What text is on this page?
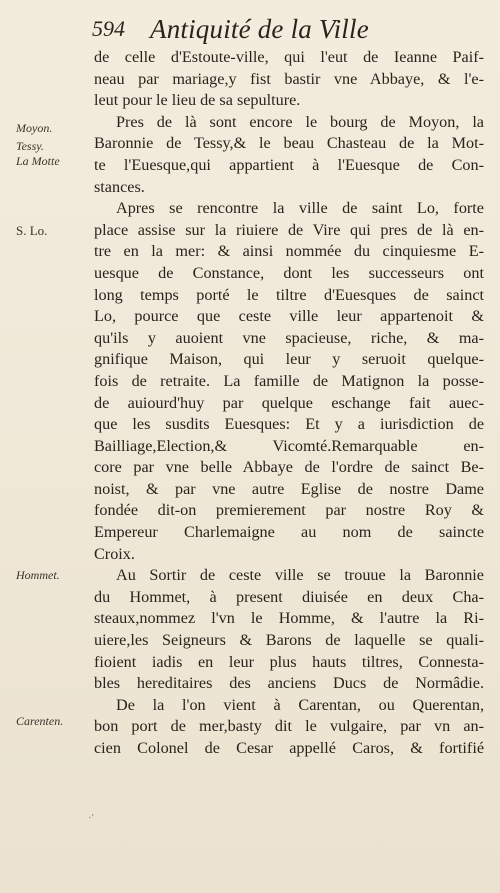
594 Antiquité de la Ville
Moyon.
Tessy.
La Motte
S. Lo.
Hommet.
Carenten.
de celle d'Estoute-ville, qui l'eut de Ieanne Paif-
neau par mariage,y fist bastir vne Abbaye, & l'e-
leut pour le lieu de sa sepulture.
Pres de là sont encore le bourg de Moyon, la
Baronnie de Tessy,& le beau Chasteau de la Mot-
te l'Euesque,qui appartient à l'Euesque de Con-
stances.
Apres se rencontre la ville de saint Lo, forte
place assise sur la riuiere de Vire qui pres de là en-
tre en la mer: & ainsi nommée du cinquiesme E-
uesque de Constance, dont les successeurs ont
long temps porté le tiltre d'Euesques de sainct
Lo, pource que ceste ville leur appartenoit &
qu'ils y auoient vne spacieuse, riche, & ma-
gnifique Maison, qui leur y seruoit quelque-
fois de retraite. La famille de Matignon la posse-
de auiourd'huy par quelque eschange fait auec-
que les susdits Euesques: Et y a iurisdiction de
Bailliage,Election,& Vicomté.Remarquable en-
core par vne belle Abbaye de l'ordre de sainct Be-
noist, & par vne autre Eglise de nostre Dame
fondée dit-on premierement par nostre Roy &
Empereur Charlemaigne au nom de saincte
Croix.
Au Sortir de ceste ville se trouue la Baronnie
du Hommet, à present diuisée en deux Cha-
steaux,nommez l'vn le Homme, & l'autre la Ri-
uiere,les Seigneurs & Barons de laquelle se quali-
fioient iadis en leur plus hauts tiltres, Connesta-
bles hereditaires des anciens Ducs de Normâdie.
De la l'on vient à Carentan, ou Querentan,
bon port de mer,basty dit le vulgaire, par vn an-
cien Colonel de Cesar appellé Caros, & fortifié
·ʹ
